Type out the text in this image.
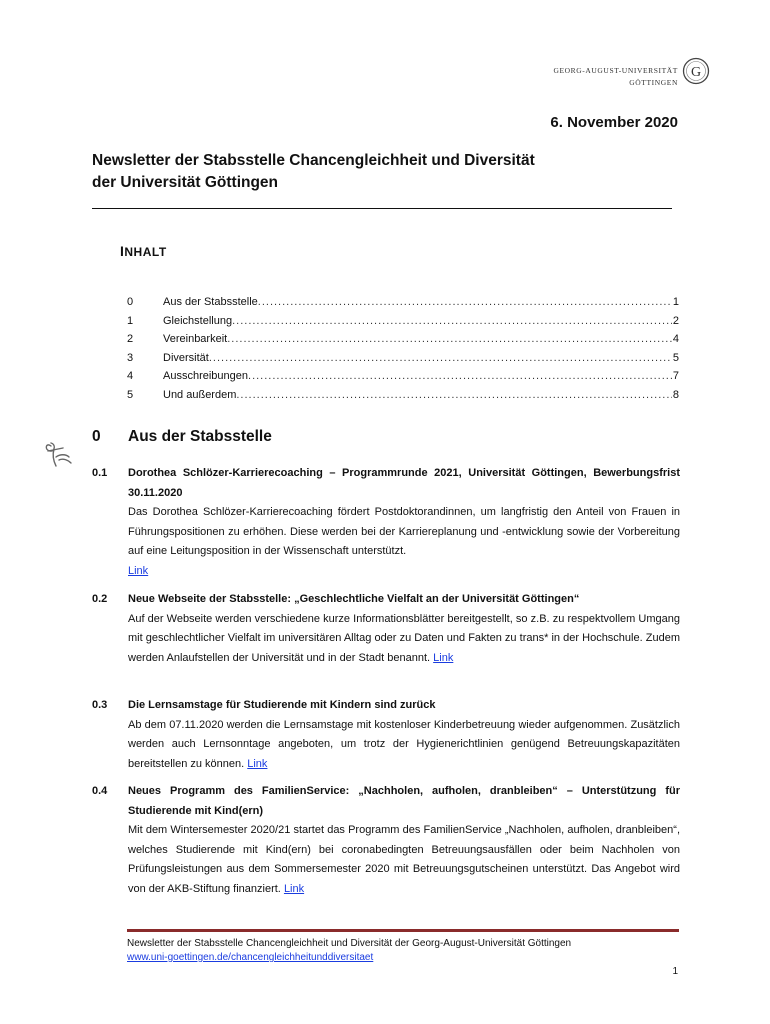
GEORG-AUGUST-UNIVERSITÄT
GÖTTINGEN
G
6. November 2020
Newsletter der Stabsstelle Chancengleichheit und Diversität
der Universität Göttingen
INHALT
0	Aus der Stabsstelle .....	1
1	Gleichstellung .....	2
2	Vereinbarkeit .....	4
3	Diversität .....	5
4	Ausschreibungen .....	7
5	Und außerdem .....	8
0 Aus der Stabsstelle
0.1 Dorothea Schlözer-Karrierecoaching – Programmrunde 2021, Universität Göttingen, Bewerbungsfrist 30.11.2020
Das Dorothea Schlözer-Karrierecoaching fördert Postdoktorandinnen, um langfristig den Anteil von Frauen in Führungspositionen zu erhöhen. Diese werden bei der Karriereplanung und -entwicklung sowie der Vorbereitung auf eine Leitungsposition in der Wissenschaft unterstützt.
Link
0.2 Neue Webseite der Stabsstelle: „Geschlechtliche Vielfalt an der Universität Göttingen“
Auf der Webseite werden verschiedene kurze Informationsblätter bereitgestellt, so z.B. zu respektvollem Umgang mit geschlechtlicher Vielfalt im universitären Alltag oder zu Daten und Fakten zu trans* in der Hochschule. Zudem werden Anlaufstellen der Universität und in der Stadt benannt. Link
0.3 Die Lernsamstage für Studierende mit Kindern sind zurück
Ab dem 07.11.2020 werden die Lernsamstage mit kostenloser Kinderbetreuung wieder aufgenommen. Zusätzlich werden auch Lernsonntage angeboten, um trotz der Hygienerichtlinien genügend Betreuungskapazitäten bereitstellen zu können. Link
0.4 Neues Programm des FamilienService: „Nachholen, aufholen, dranbleiben“ – Unterstützung für Studierende mit Kind(ern)
Mit dem Wintersemester 2020/21 startet das Programm des FamilienService „Nachholen, aufholen, dranbleiben“, welches Studierende mit Kind(ern) bei coronabedingten Betreuungsausfällen oder beim Nachholen von Prüfungsleistungen aus dem Sommersemester 2020 mit Betreuungsgutscheinen unterstützt. Das Angebot wird von der AKB-Stiftung finanziert. Link
Newsletter der Stabsstelle Chancengleichheit und Diversität der Georg-August-Universität Göttingen
www.uni-goettingen.de/chancengleichheitunddiversitaet
1
